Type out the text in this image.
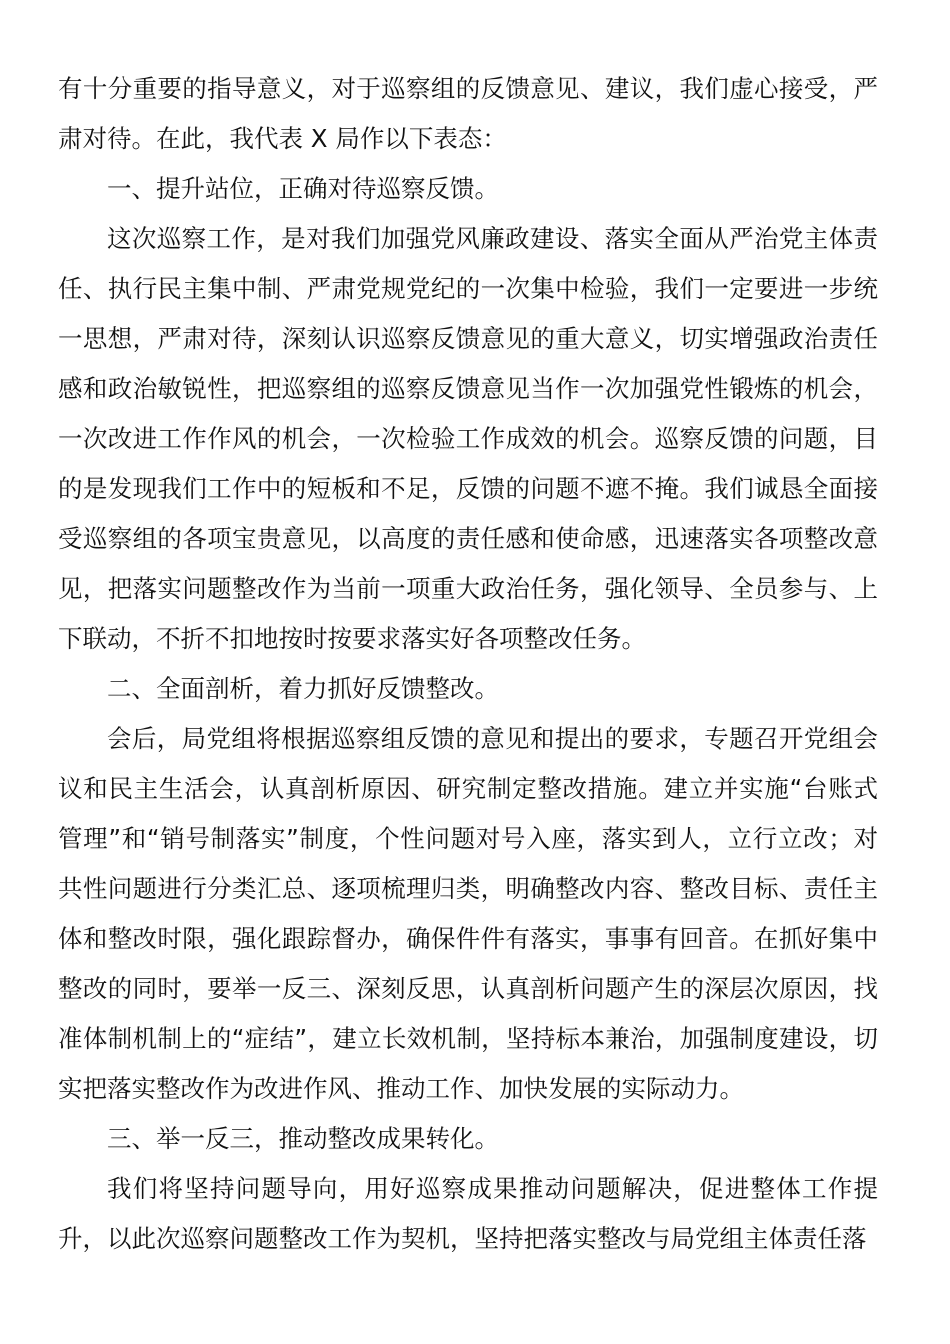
有十分重要的指导意义，对于巡察组的反馈意见、建议，我们虚心接受，严肃对待。在此，我代表 X 局作以下表态：

一、提升站位，正确对待巡察反馈。

这次巡察工作，是对我们加强党风廉政建设、落实全面从严治党主体责任、执行民主集中制、严肃党规党纪的一次集中检验，我们一定要进一步统一思想，严肃对待，深刻认识巡察反馈意见的重大意义，切实增强政治责任感和政治敏锐性，把巡察组的巡察反馈意见当作一次加强党性锻炼的机会，一次改进工作作风的机会，一次检验工作成效的机会。巡察反馈的问题，目的是发现我们工作中的短板和不足，反馈的问题不遮不掩。我们诚恳全面接受巡察组的各项宝贵意见，以高度的责任感和使命感，迅速落实各项整改意见，把落实问题整改作为当前一项重大政治任务，强化领导、全员参与、上下联动，不折不扣地按时按要求落实好各项整改任务。

二、全面剖析，着力抓好反馈整改。

会后，局党组将根据巡察组反馈的意见和提出的要求，专题召开党组会议和民主生活会，认真剖析原因、研究制定整改措施。建立并实施“台账式管理”和“销号制落实”制度，个性问题对号入座，落实到人，立行立改；对共性问题进行分类汇总、逐项梳理归类，明确整改内容、整改目标、责任主体和整改时限，强化跟踪督办，确保件件有落实，事事有回音。在抓好集中整改的同时，要举一反三、深刻反思，认真剖析问题产生的深层次原因，找准体制机制上的“症结”，建立长效机制，坚持标本兼治，加强制度建设，切实把落实整改作为改进作风、推动工作、加快发展的实际动力。

三、举一反三，推动整改成果转化。

我们将坚持问题导向，用好巡察成果推动问题解决，促进整体工作提升，以此次巡察问题整改工作为契机，坚持把落实整改与局党组主体责任落
